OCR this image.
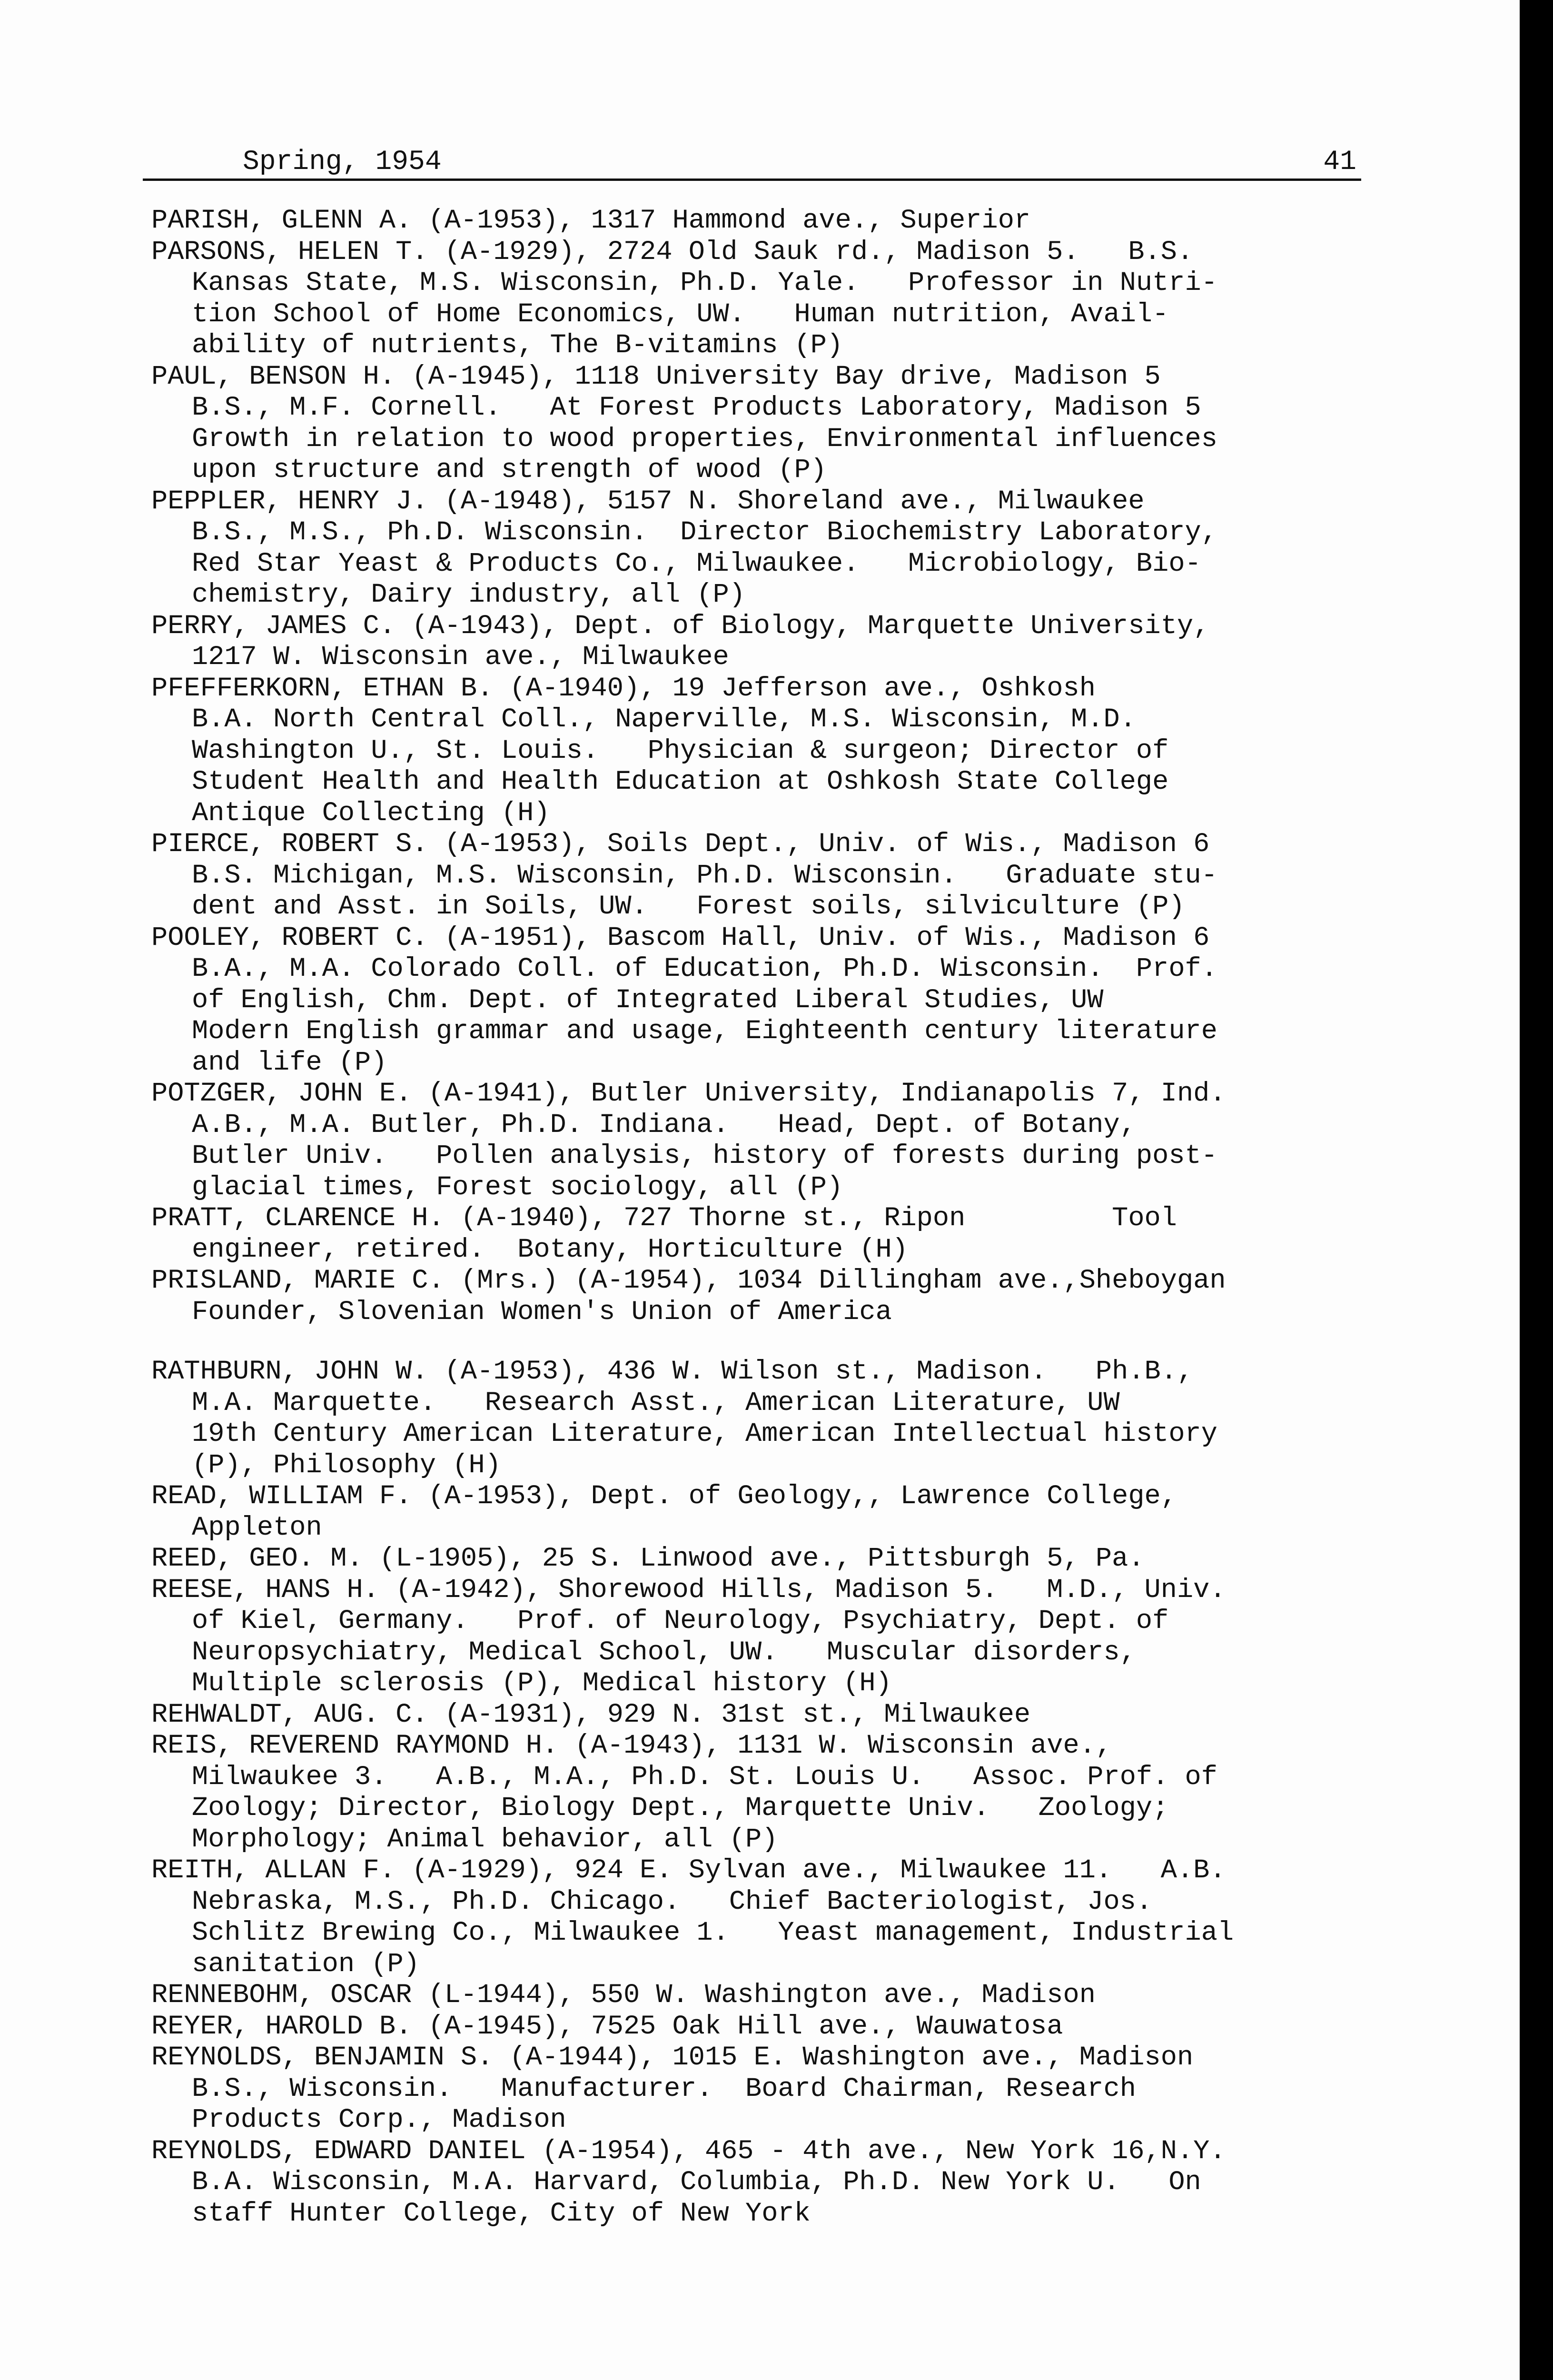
Spring, 1954	41
PARISH, GLENN A. (A-1953), 1317 Hammond ave., Superior
PARSONS, HELEN T. (A-1929), 2724 Old Sauk rd., Madison 5.   B.S.
Kansas State, M.S. Wisconsin, Ph.D. Yale.   Professor in Nutri-
tion School of Home Economics, UW.   Human nutrition, Avail-
ability of nutrients, The B-vitamins (P)
PAUL, BENSON H. (A-1945), 1118 University Bay drive, Madison 5
B.S., M.F. Cornell.   At Forest Products Laboratory, Madison 5
Growth in relation to wood properties, Environmental influences
upon structure and strength of wood (P)
PEPPLER, HENRY J. (A-1948), 5157 N. Shoreland ave., Milwaukee
B.S., M.S., Ph.D. Wisconsin.  Director Biochemistry Laboratory,
Red Star Yeast & Products Co., Milwaukee.   Microbiology, Bio-
chemistry, Dairy industry, all (P)
PERRY, JAMES C. (A-1943), Dept. of Biology, Marquette University,
1217 W. Wisconsin ave., Milwaukee
PFEFFERKORN, ETHAN B. (A-1940), 19 Jefferson ave., Oshkosh
B.A. North Central Coll., Naperville, M.S. Wisconsin, M.D.
Washington U., St. Louis.   Physician & surgeon; Director of
Student Health and Health Education at Oshkosh State College
Antique Collecting (H)
PIERCE, ROBERT S. (A-1953), Soils Dept., Univ. of Wis., Madison 6
B.S. Michigan, M.S. Wisconsin, Ph.D. Wisconsin.   Graduate stu-
dent and Asst. in Soils, UW.   Forest soils, silviculture (P)
POOLEY, ROBERT C. (A-1951), Bascom Hall, Univ. of Wis., Madison 6
B.A., M.A. Colorado Coll. of Education, Ph.D. Wisconsin.  Prof.
of English, Chm. Dept. of Integrated Liberal Studies, UW
Modern English grammar and usage, Eighteenth century literature
and life (P)
POTZGER, JOHN E. (A-1941), Butler University, Indianapolis 7, Ind.
A.B., M.A. Butler, Ph.D. Indiana.   Head, Dept. of Botany,
Butler Univ.   Pollen analysis, history of forests during post-
glacial times, Forest sociology, all (P)
PRATT, CLARENCE H. (A-1940), 727 Thorne st., Ripon         Tool
engineer, retired.  Botany, Horticulture (H)
PRISLAND, MARIE C. (Mrs.) (A-1954), 1034 Dillingham ave.,Sheboygan
Founder, Slovenian Women's Union of America
RATHBURN, JOHN W. (A-1953), 436 W. Wilson st., Madison.   Ph.B.,
M.A. Marquette.   Research Asst., American Literature, UW
19th Century American Literature, American Intellectual history
(P), Philosophy (H)
READ, WILLIAM F. (A-1953), Dept. of Geology,, Lawrence College,
Appleton
REED, GEO. M. (L-1905), 25 S. Linwood ave., Pittsburgh 5, Pa.
REESE, HANS H. (A-1942), Shorewood Hills, Madison 5.   M.D., Univ.
of Kiel, Germany.   Prof. of Neurology, Psychiatry, Dept. of
Neuropsychiatry, Medical School, UW.   Muscular disorders,
Multiple sclerosis (P), Medical history (H)
REHWALDT, AUG. C. (A-1931), 929 N. 31st st., Milwaukee
REIS, REVEREND RAYMOND H. (A-1943), 1131 W. Wisconsin ave.,
Milwaukee 3.   A.B., M.A., Ph.D. St. Louis U.   Assoc. Prof. of
Zoology; Director, Biology Dept., Marquette Univ.   Zoology;
Morphology; Animal behavior, all (P)
REITH, ALLAN F. (A-1929), 924 E. Sylvan ave., Milwaukee 11.   A.B.
Nebraska, M.S., Ph.D. Chicago.   Chief Bacteriologist, Jos.
Schlitz Brewing Co., Milwaukee 1.   Yeast management, Industrial
sanitation (P)
RENNEBOHM, OSCAR (L-1944), 550 W. Washington ave., Madison
REYER, HAROLD B. (A-1945), 7525 Oak Hill ave., Wauwatosa
REYNOLDS, BENJAMIN S. (A-1944), 1015 E. Washington ave., Madison
B.S., Wisconsin.   Manufacturer.  Board Chairman, Research
Products Corp., Madison
REYNOLDS, EDWARD DANIEL (A-1954), 465 - 4th ave., New York 16,N.Y.
B.A. Wisconsin, M.A. Harvard, Columbia, Ph.D. New York U.   On
staff Hunter College, City of New York
